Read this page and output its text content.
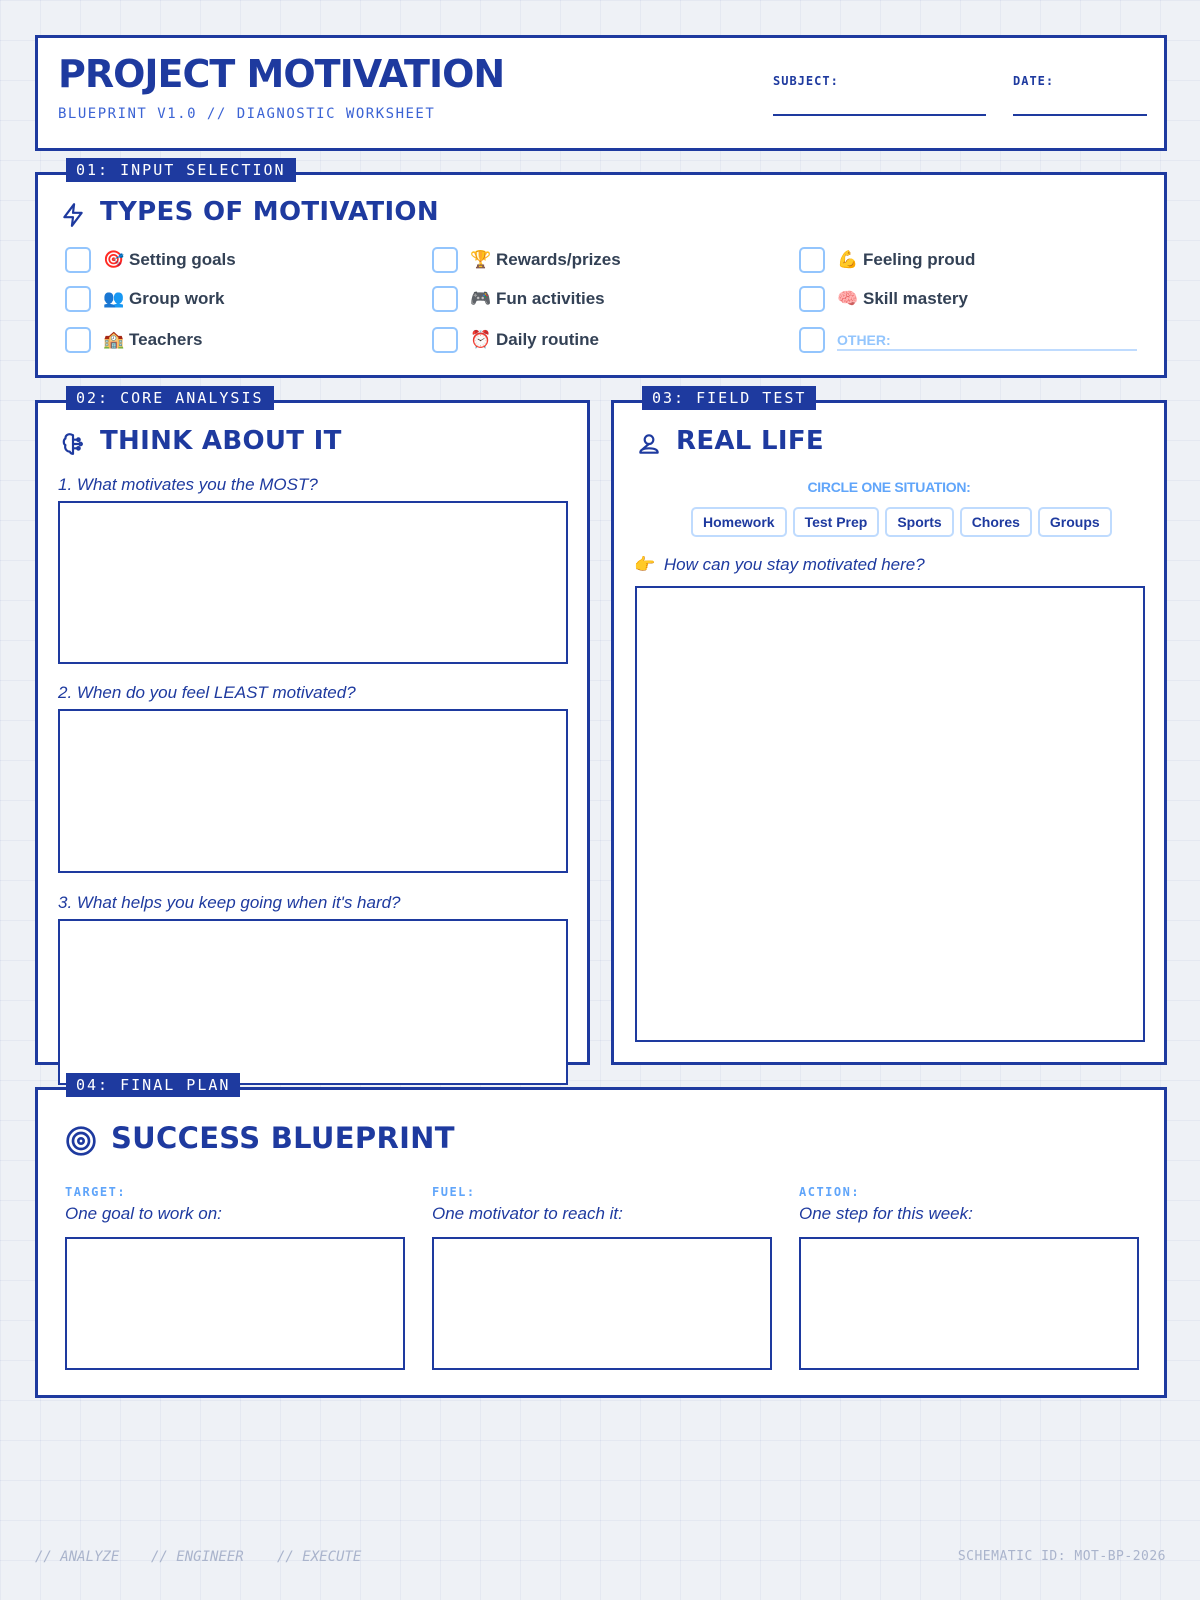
PROJECT MOTIVATION
BLUEPRINT V1.0 // DIAGNOSTIC WORKSHEET
SUBJECT:	DATE:
01: INPUT SELECTION
TYPES OF MOTIVATION
🎯 Setting goals	🏆 Rewards/prizes	💪 Feeling proud
👥 Group work	🎮 Fun activities	🧠 Skill mastery
🏫 Teachers	⏰ Daily routine	OTHER:
02: CORE ANALYSIS
THINK ABOUT IT
1. What motivates you the MOST?
2. When do you feel LEAST motivated?
3. What helps you keep going when it's hard?
03: FIELD TEST
REAL LIFE
CIRCLE ONE SITUATION:
Homework Test Prep Sports Chores Groups
👉 How can you stay motivated here?
04: FINAL PLAN
SUCCESS BLUEPRINT
TARGET:
One goal to work on:
FUEL:
One motivator to reach it:
ACTION:
One step for this week:
// ANALYZE // ENGINEER // EXECUTE	SCHEMATIC ID: MOT-BP-2026
